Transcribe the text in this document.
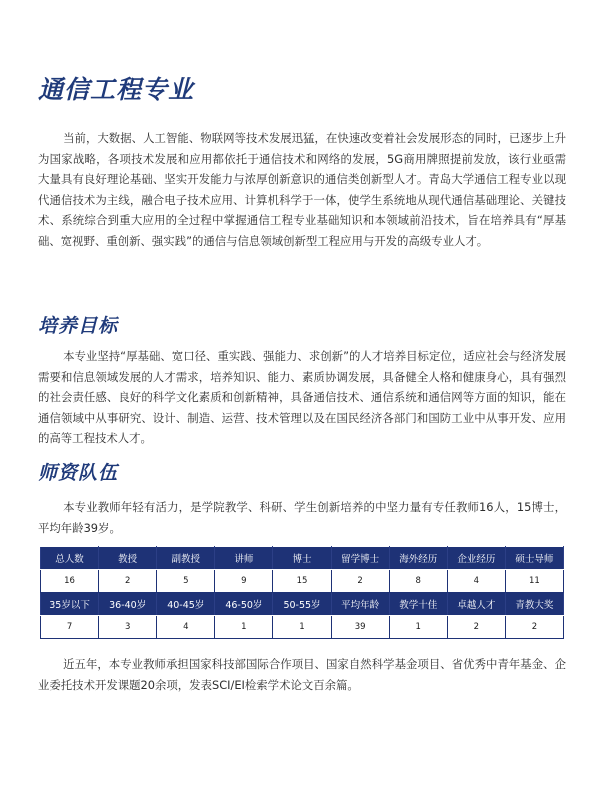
通信工程专业

当前，大数据、人工智能、物联网等技术发展迅猛，在快速改变着社会发展形态的同时，已逐步上升为国家战略，各项技术发展和应用都依托于通信技术和网络的发展，5G商用牌照提前发放，该行业亟需大量具有良好理论基础、坚实开发能力与浓厚创新意识的通信类创新型人才。青岛大学通信工程专业以现代通信技术为主线，融合电子技术应用、计算机科学于一体，使学生系统地从现代通信基础理论、关键技术、系统综合到重大应用的全过程中掌握通信工程专业基础知识和本领域前沿技术，旨在培养具有“厚基础、宽视野、重创新、强实践”的通信与信息领域创新型工程应用与开发的高级专业人才。

培养目标

本专业坚持“厚基础、宽口径、重实践、强能力、求创新”的人才培养目标定位，适应社会与经济发展需要和信息领域发展的人才需求，培养知识、能力、素质协调发展，具备健全人格和健康身心，具有强烈的社会责任感、良好的科学文化素质和创新精神，具备通信技术、通信系统和通信网等方面的知识，能在通信领域中从事研究、设计、制造、运营、技术管理以及在国民经济各部门和国防工业中从事开发、应用的高等工程技术人才。

师资队伍

本专业教师年轻有活力，是学院教学、科研、学生创新培养的中坚力量有专任教师16人，15博士，平均年龄39岁。

总人数	教授	副教授	讲师	博士	留学博士	海外经历	企业经历	硕士导师
16	2	5	9	15	2	8	4	11
35岁以下	36-40岁	40-45岁	46-50岁	50-55岁	平均年龄	教学十佳	卓越人才	青教大奖
7	3	4	1	1	39	1	2	2

近五年，本专业教师承担国家科技部国际合作项目、国家自然科学基金项目、省优秀中青年基金、企业委托技术开发课题20余项，发表SCI/EI检索学术论文百余篇。
